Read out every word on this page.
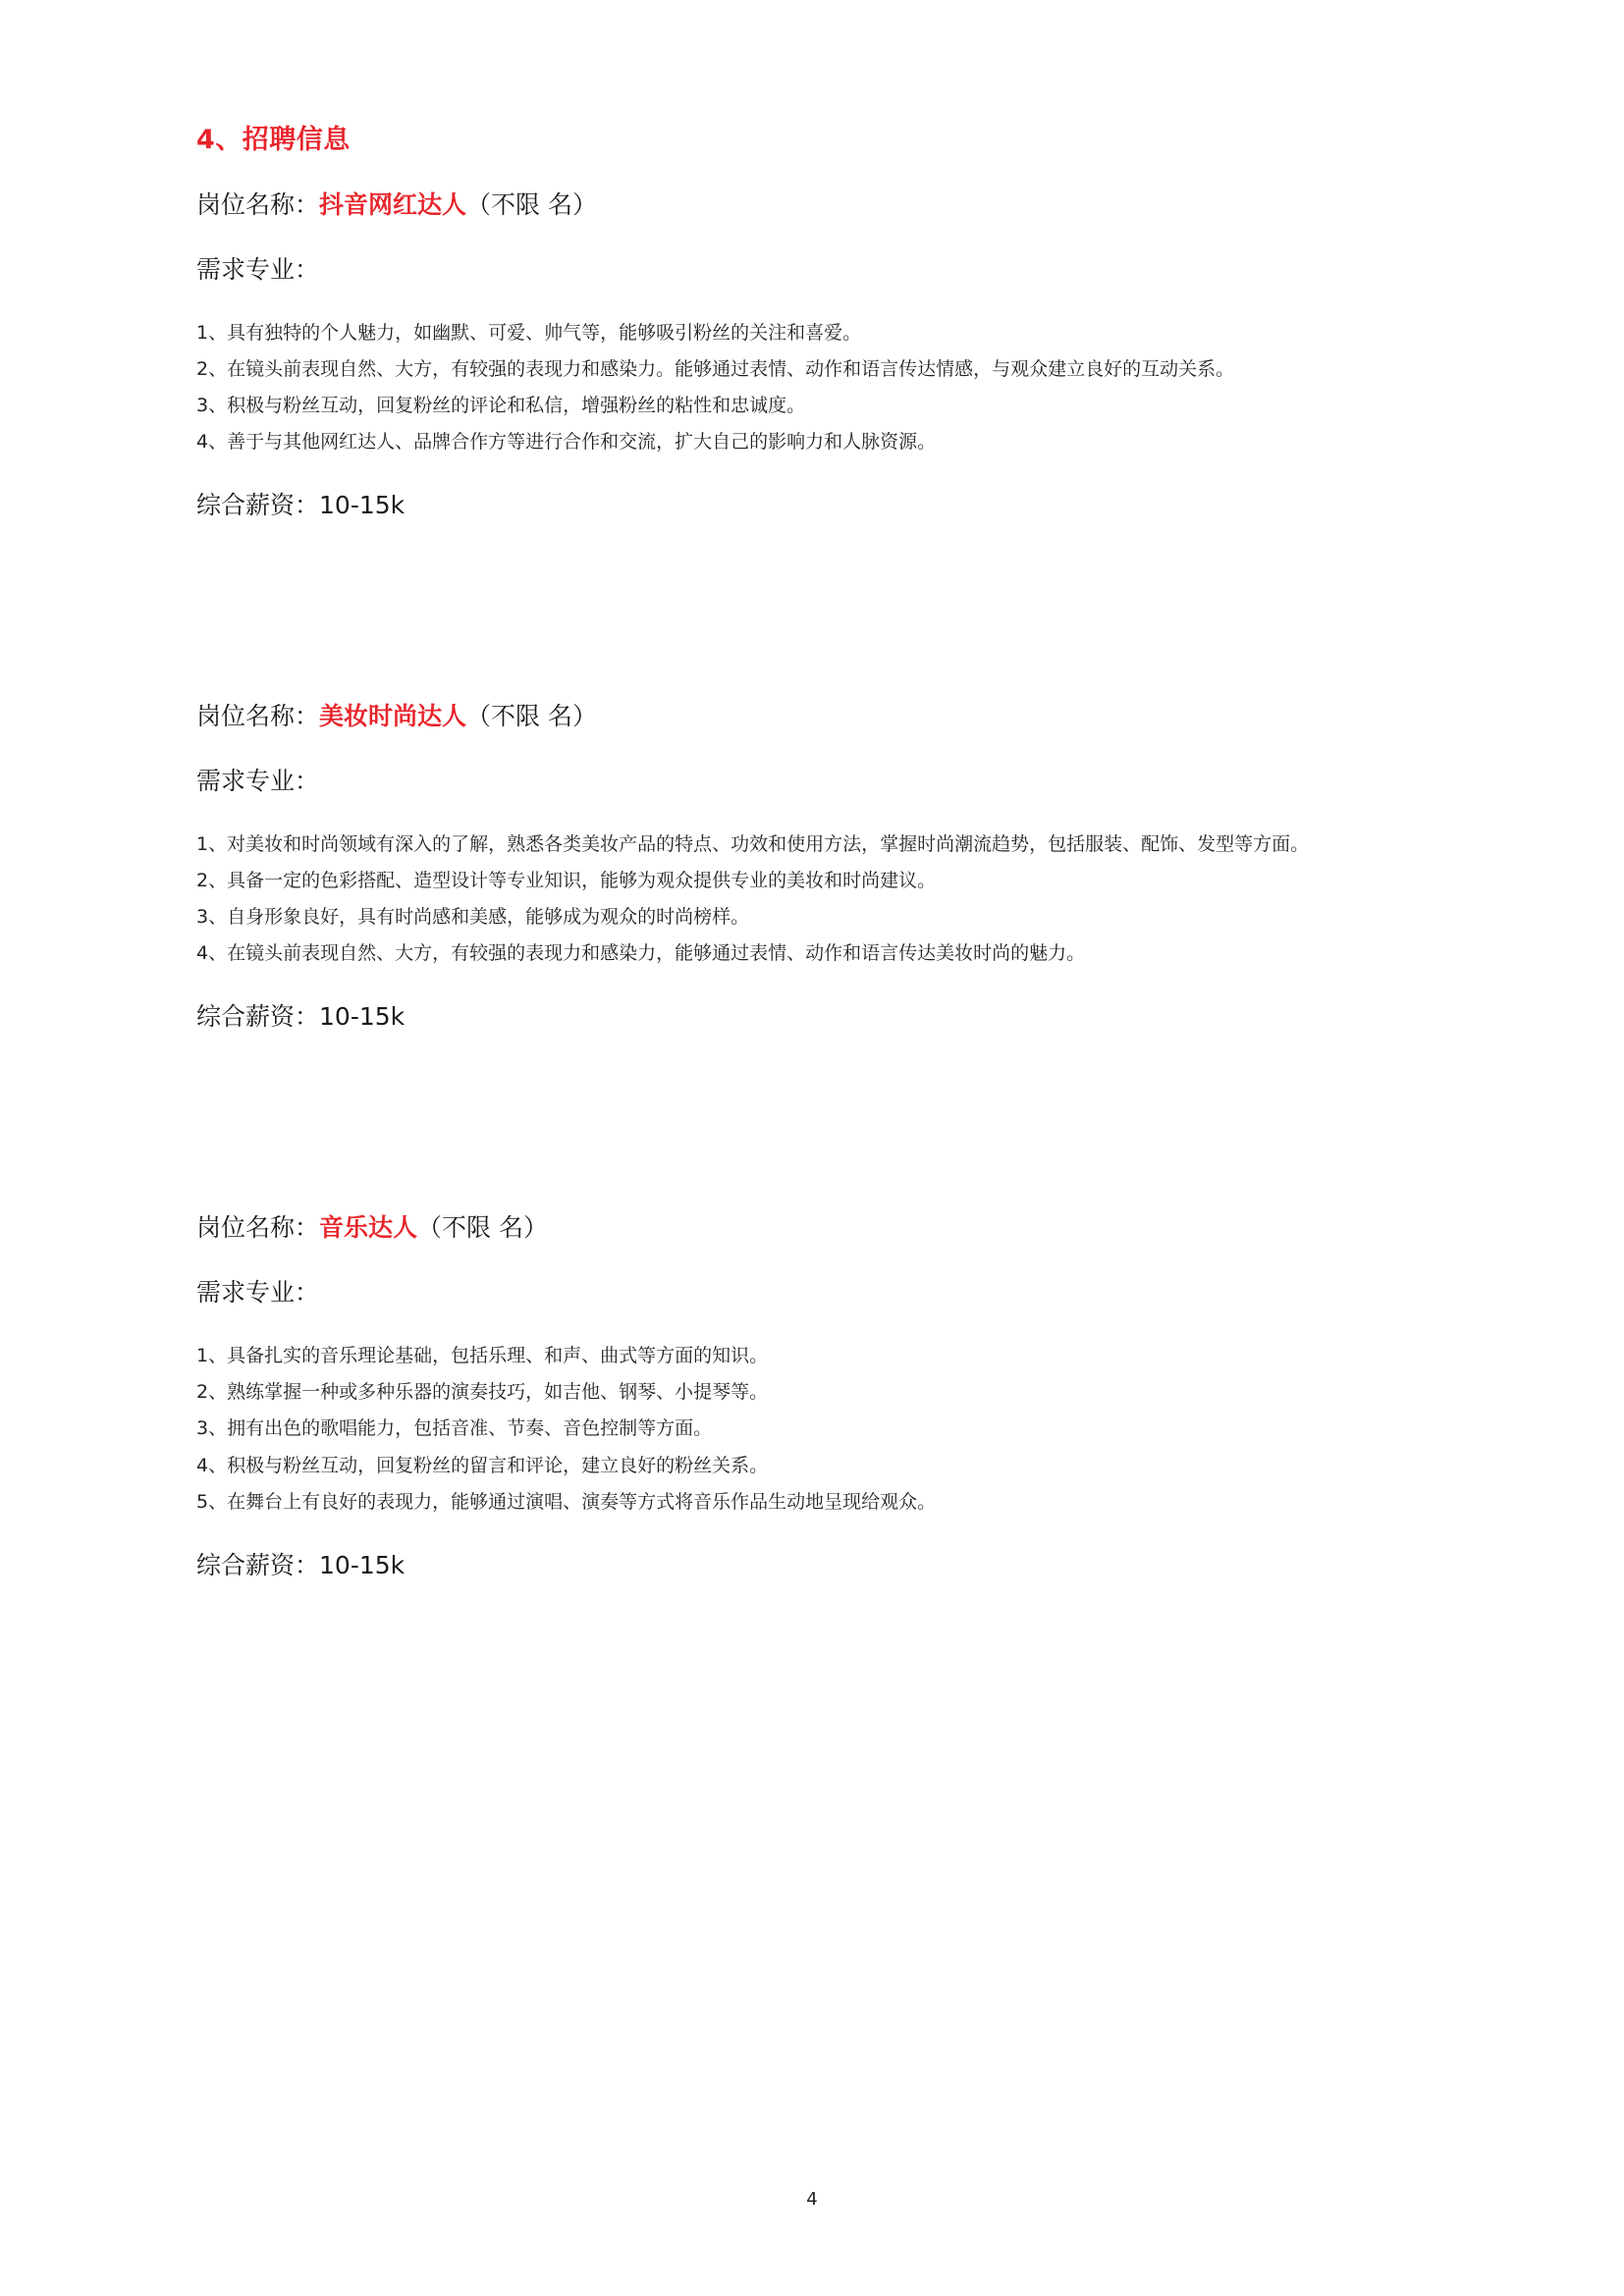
4、招聘信息

岗位名称：抖音网红达人（不限 名）

需求专业：

1、具有独特的个人魅力，如幽默、可爱、帅气等，能够吸引粉丝的关注和喜爱。
2、在镜头前表现自然、大方，有较强的表现力和感染力。能够通过表情、动作和语言传达情感，与观众建立良好的互动关系。
3、积极与粉丝互动，回复粉丝的评论和私信，增强粉丝的粘性和忠诚度。
4、善于与其他网红达人、品牌合作方等进行合作和交流，扩大自己的影响力和人脉资源。

综合薪资：10-15k

岗位名称：美妆时尚达人（不限 名）

需求专业：

1、对美妆和时尚领域有深入的了解，熟悉各类美妆产品的特点、功效和使用方法，掌握时尚潮流趋势，包括服装、配饰、发型等方面。
2、具备一定的色彩搭配、造型设计等专业知识，能够为观众提供专业的美妆和时尚建议。
3、自身形象良好，具有时尚感和美感，能够成为观众的时尚榜样。
4、在镜头前表现自然、大方，有较强的表现力和感染力，能够通过表情、动作和语言传达美妆时尚的魅力。

综合薪资：10-15k

岗位名称：音乐达人（不限 名）

需求专业：

1、具备扎实的音乐理论基础，包括乐理、和声、曲式等方面的知识。
2、熟练掌握一种或多种乐器的演奏技巧，如吉他、钢琴、小提琴等。
3、拥有出色的歌唱能力，包括音准、节奏、音色控制等方面。
4、积极与粉丝互动，回复粉丝的留言和评论，建立良好的粉丝关系。
5、在舞台上有良好的表现力，能够通过演唱、演奏等方式将音乐作品生动地呈现给观众。

综合薪资：10-15k

4
